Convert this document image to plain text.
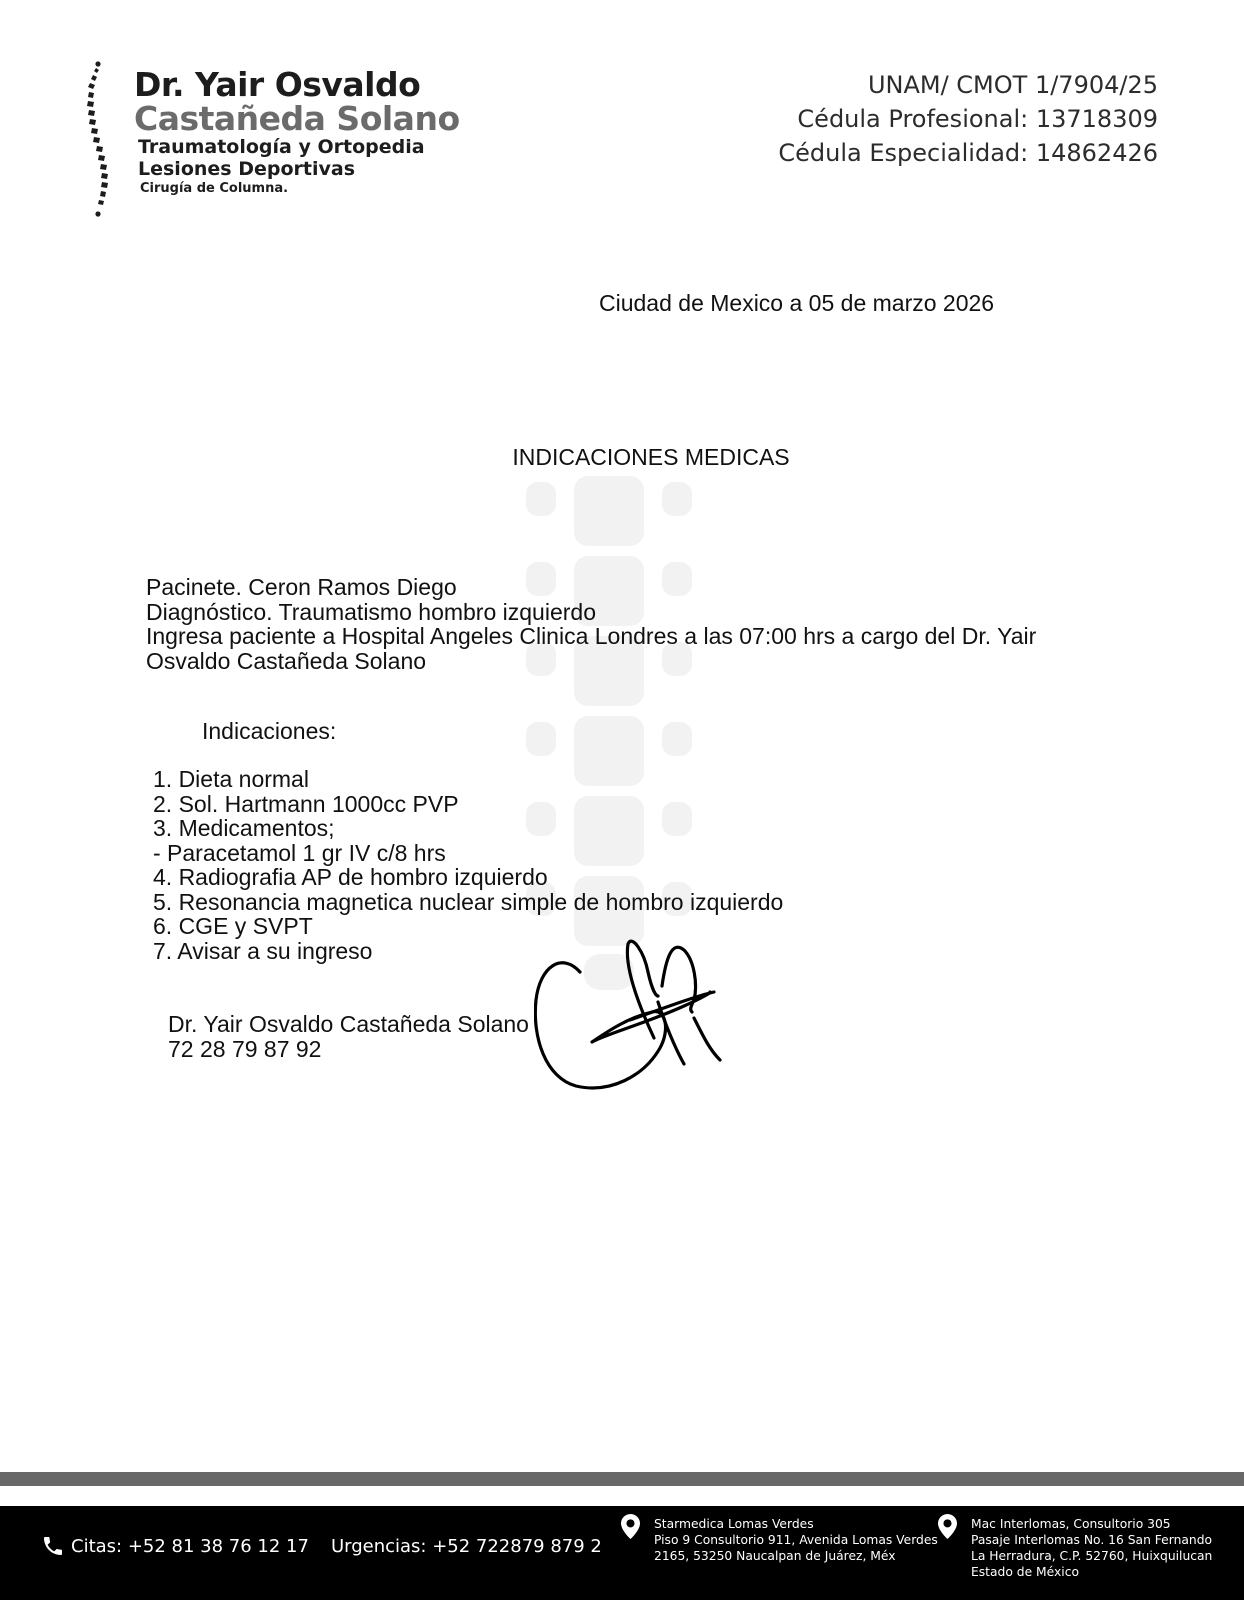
Dr. Yair Osvaldo
Castañeda Solano
Traumatología y Ortopedia
Lesiones Deportivas
Cirugía de Columna.
UNAM/ CMOT 1/7904/25
Cédula Profesional: 13718309
Cédula Especialidad: 14862426
Ciudad de Mexico a 05 de marzo 2026
INDICACIONES MEDICAS
Pacinete. Ceron Ramos Diego
Diagnóstico. Traumatismo hombro izquierdo
Ingresa paciente a Hospital Angeles Clinica Londres a las 07:00 hrs a cargo del Dr. Yair Osvaldo Castañeda Solano
Indicaciones:
1. Dieta normal
2. Sol. Hartmann 1000cc PVP
3. Medicamentos;
- Paracetamol 1 gr IV c/8 hrs
4. Radiografia AP de hombro izquierdo
5. Resonancia magnetica nuclear simple de hombro izquierdo
6. CGE y SVPT
7. Avisar a su ingreso
Dr. Yair Osvaldo Castañeda Solano
72 28 79 87 92
Citas: +52 81 38 76 12 17 Urgencias: +52 722879 879 2
Starmedica Lomas Verdes
Piso 9 Consultorio 911, Avenida Lomas Verdes
2165, 53250 Naucalpan de Juárez, Méx
Mac Interlomas, Consultorio 305
Pasaje Interlomas No. 16 San Fernando
La Herradura, C.P. 52760, Huixquilucan
Estado de México
